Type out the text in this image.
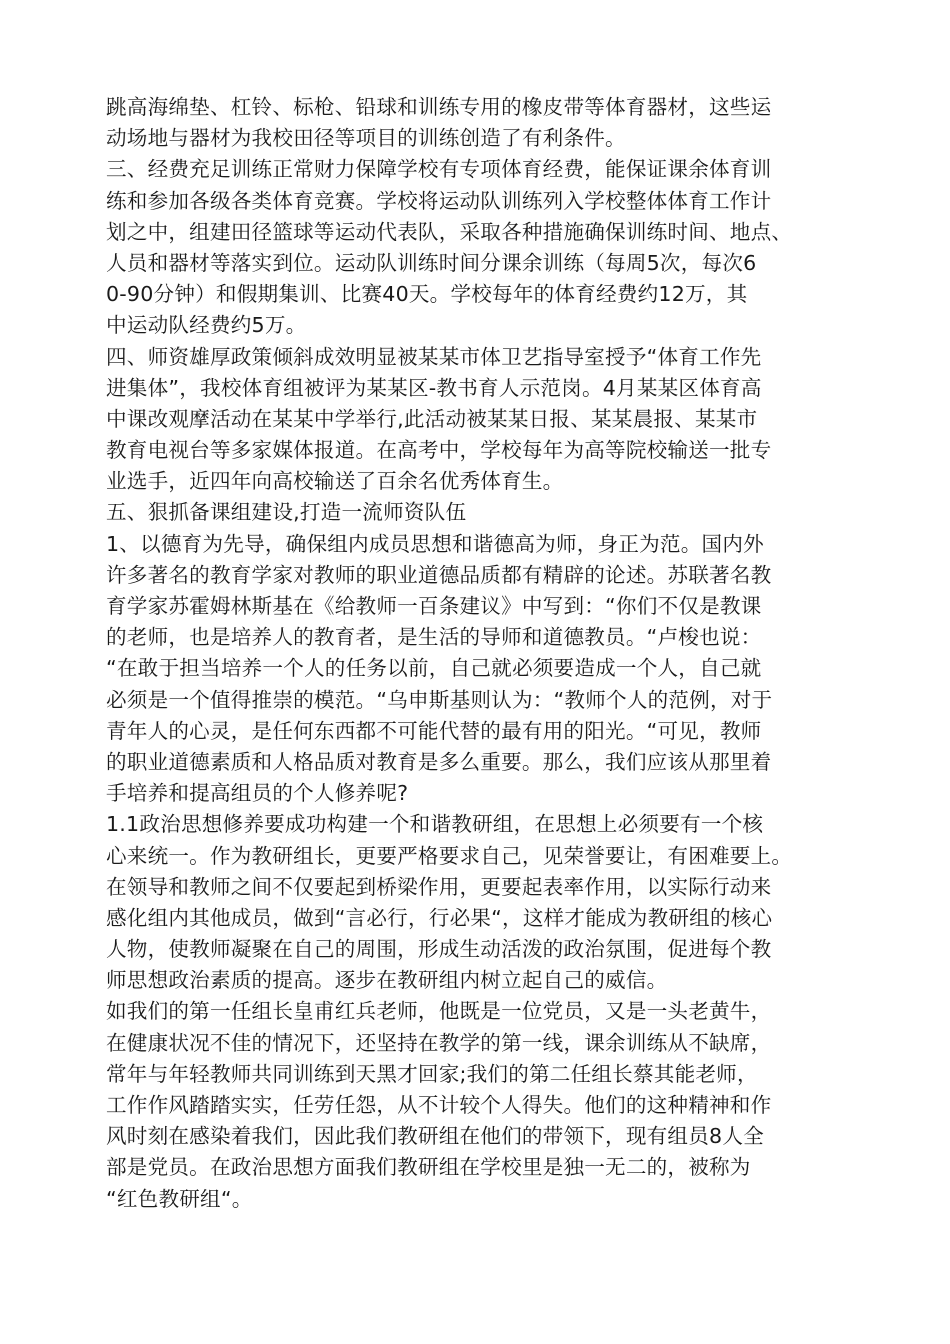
跳高海绵垫、杠铃、标枪、铅球和训练专用的橡皮带等体育器材，这些运
动场地与器材为我校田径等项目的训练创造了有利条件。
三、经费充足训练正常财力保障学校有专项体育经费，能保证课余体育训
练和参加各级各类体育竞赛。学校将运动队训练列入学校整体体育工作计
划之中，组建田径篮球等运动代表队，采取各种措施确保训练时间、地点、
人员和器材等落实到位。运动队训练时间分课余训练（每周5次，每次6
0-90分钟）和假期集训、比赛40天。学校每年的体育经费约12万，其
中运动队经费约5万。
四、师资雄厚政策倾斜成效明显被某某市体卫艺指导室授予“体育工作先
进集体”，我校体育组被评为某某区-教书育人示范岗。4月某某区体育高
中课改观摩活动在某某中学举行,此活动被某某日报、某某晨报、某某市
教育电视台等多家媒体报道。在高考中，学校每年为高等院校输送一批专
业选手，近四年向高校输送了百余名优秀体育生。
五、狠抓备课组建设,打造一流师资队伍
1、以德育为先导，确保组内成员思想和谐德高为师，身正为范。国内外
许多著名的教育学家对教师的职业道德品质都有精辟的论述。苏联著名教
育学家苏霍姆林斯基在《给教师一百条建议》中写到：“你们不仅是教课
的老师，也是培养人的教育者，是生活的导师和道德教员。“卢梭也说：
“在敢于担当培养一个人的任务以前，自己就必须要造成一个人，自己就
必须是一个值得推崇的模范。“乌申斯基则认为：“教师个人的范例，对于
青年人的心灵，是任何东西都不可能代替的最有用的阳光。“可见，教师
的职业道德素质和人格品质对教育是多么重要。那么，我们应该从那里着
手培养和提高组员的个人修养呢?
1.1政治思想修养要成功构建一个和谐教研组，在思想上必须要有一个核
心来统一。作为教研组长，更要严格要求自己，见荣誉要让，有困难要上。
在领导和教师之间不仅要起到桥梁作用，更要起表率作用，以实际行动来
感化组内其他成员，做到“言必行，行必果“，这样才能成为教研组的核心
人物，使教师凝聚在自己的周围，形成生动活泼的政治氛围，促进每个教
师思想政治素质的提高。逐步在教研组内树立起自己的威信。
如我们的第一任组长皇甫红兵老师，他既是一位党员，又是一头老黄牛，
在健康状况不佳的情况下，还坚持在教学的第一线，课余训练从不缺席，
常年与年轻教师共同训练到天黑才回家;我们的第二任组长蔡其能老师，
工作作风踏踏实实，任劳任怨，从不计较个人得失。他们的这种精神和作
风时刻在感染着我们，因此我们教研组在他们的带领下，现有组员8人全
部是党员。在政治思想方面我们教研组在学校里是独一无二的，被称为
“红色教研组“。
